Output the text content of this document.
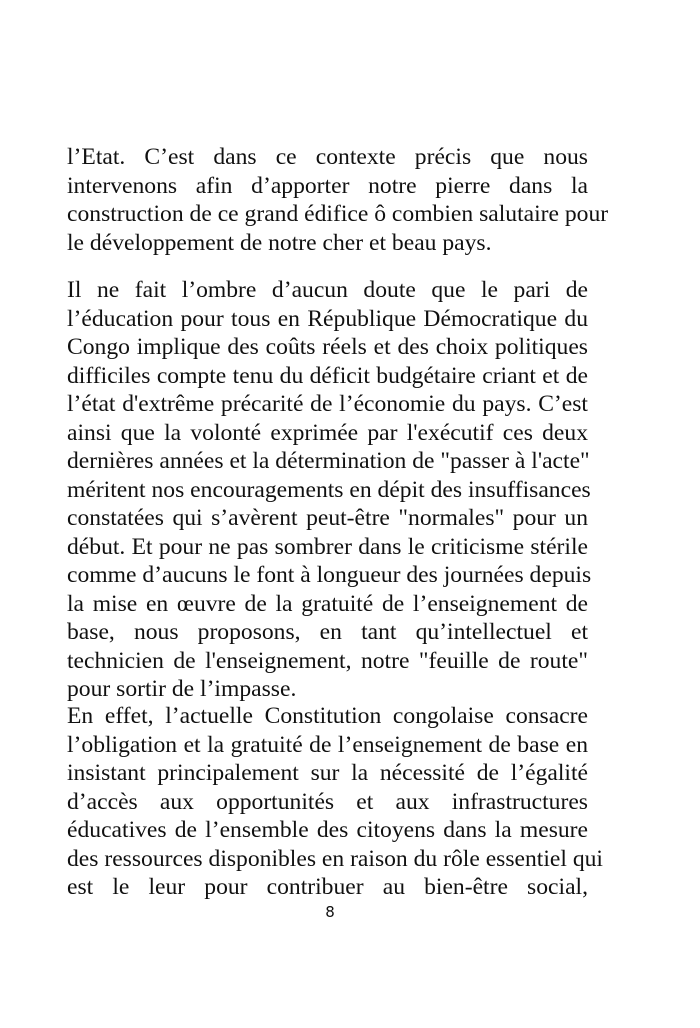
l’Etat. C’est dans ce contexte précis que nous
intervenons afin d’apporter notre pierre dans la
construction de ce grand édifice ô combien salutaire pour
le développement de notre cher et beau pays.
Il ne fait l’ombre d’aucun doute que le pari de
l’éducation pour tous en République Démocratique du
Congo implique des coûts réels et des choix politiques
difficiles compte tenu du déficit budgétaire criant et de
l’état d'extrême précarité de l’économie du pays. C’est
ainsi que la volonté exprimée par l'exécutif ces deux
dernières années et la détermination de "passer à l'acte"
méritent nos encouragements en dépit des insuffisances
constatées qui s’avèrent peut-être "normales" pour un
début. Et pour ne pas sombrer dans le criticisme stérile
comme d’aucuns le font à longueur des journées depuis
la mise en œuvre de la gratuité de l’enseignement de
base, nous proposons, en tant qu’intellectuel et
technicien de l'enseignement, notre "feuille de route"
pour sortir de l’impasse.
En effet, l’actuelle Constitution congolaise consacre
l’obligation et la gratuité de l’enseignement de base en
insistant principalement sur la nécessité de l’égalité
d’accès aux opportunités et aux infrastructures
éducatives de l’ensemble des citoyens dans la mesure
des ressources disponibles en raison du rôle essentiel qui
est le leur pour contribuer au bien-être social,
8
